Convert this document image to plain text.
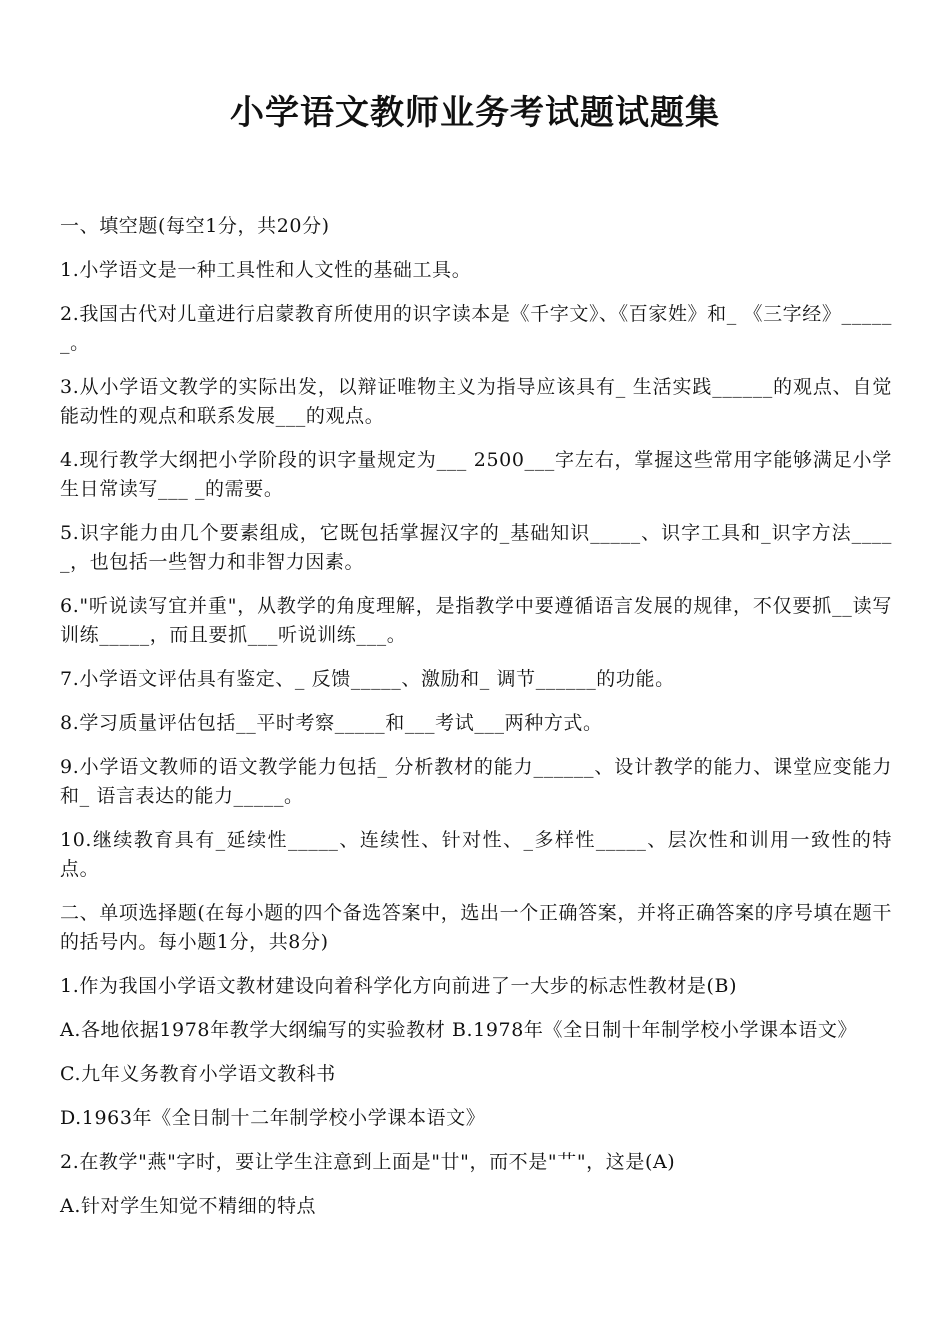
小学语文教师业务考试题试题集

一、填空题(每空1分，共20分)

1.小学语文是一种工具性和人文性的基础工具。

2.我国古代对儿童进行启蒙教育所使用的识字读本是《千字文》、《百家姓》和_ 《三字经》______。

3.从小学语文教学的实际出发，以辩证唯物主义为指导应该具有_ 生活实践______的观点、自觉能动性的观点和联系发展___的观点。

4.现行教学大纲把小学阶段的识字量规定为___ 2500___字左右，掌握这些常用字能够满足小学生日常读写___ _的需要。

5.识字能力由几个要素组成，它既包括掌握汉字的_基础知识_____、识字工具和_识字方法_____，也包括一些智力和非智力因素。

6."听说读写宜并重"，从教学的角度理解，是指教学中要遵循语言发展的规律，不仅要抓__读写训练_____，而且要抓___听说训练___。

7.小学语文评估具有鉴定、_ 反馈_____、激励和_ 调节______的功能。

8.学习质量评估包括__平时考察_____和___考试___两种方式。

9.小学语文教师的语文教学能力包括_ 分析教材的能力______、设计教学的能力、课堂应变能力和_ 语言表达的能力_____。

10.继续教育具有_延续性_____、连续性、针对性、_多样性_____、层次性和训用一致性的特点。

二、单项选择题(在每小题的四个备选答案中，选出一个正确答案，并将正确答案的序号填在题干的括号内。每小题1分，共8分)

1.作为我国小学语文教材建设向着科学化方向前进了一大步的标志性教材是(B)

A.各地依据1978年教学大纲编写的实验教材 B.1978年《全日制十年制学校小学课本语文》

C.九年义务教育小学语文教科书

D.1963年《全日制十二年制学校小学课本语文》

2.在教学"燕"字时，要让学生注意到上面是"廿"，而不是"艹"，这是(A)

A.针对学生知觉不精细的特点
